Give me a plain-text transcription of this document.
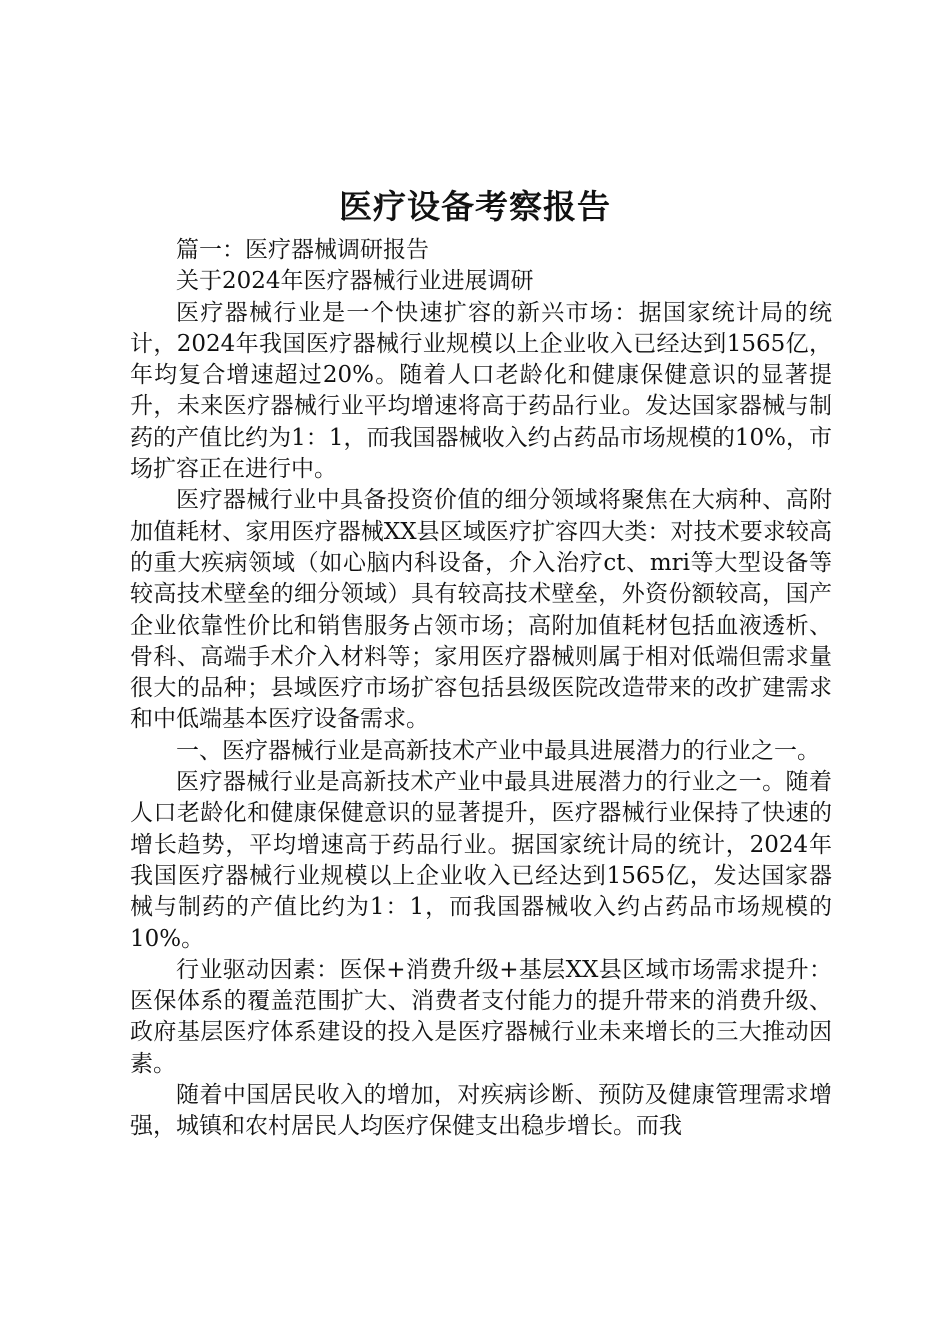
医疗设备考察报告

篇一：医疗器械调研报告

关于2024年医疗器械行业进展调研

医疗器械行业是一个快速扩容的新兴市场：据国家统计局的统计，2024年我国医疗器械行业规模以上企业收入已经达到1565亿，年均复合增速超过20%。随着人口老龄化和健康保健意识的显著提升，未来医疗器械行业平均增速将高于药品行业。发达国家器械与制药的产值比约为1：1，而我国器械收入约占药品市场规模的10%，市场扩容正在进行中。

医疗器械行业中具备投资价值的细分领域将聚焦在大病种、高附加值耗材、家用医疗器械XX县区域医疗扩容四大类：对技术要求较高的重大疾病领域（如心脑内科设备，介入治疗ct、mri等大型设备等较高技术壁垒的细分领域）具有较高技术壁垒，外资份额较高，国产企业依靠性价比和销售服务占领市场；高附加值耗材包括血液透析、骨科、高端手术介入材料等；家用医疗器械则属于相对低端但需求量很大的品种；县域医疗市场扩容包括县级医院改造带来的改扩建需求和中低端基本医疗设备需求。

一、医疗器械行业是高新技术产业中最具进展潜力的行业之一。

医疗器械行业是高新技术产业中最具进展潜力的行业之一。随着人口老龄化和健康保健意识的显著提升，医疗器械行业保持了快速的增长趋势，平均增速高于药品行业。据国家统计局的统计，2024年我国医疗器械行业规模以上企业收入已经达到1565亿，发达国家器械与制药的产值比约为1：1，而我国器械收入约占药品市场规模的10%。

行业驱动因素：医保+消费升级+基层XX县区域市场需求提升：医保体系的覆盖范围扩大、消费者支付能力的提升带来的消费升级、政府基层医疗体系建设的投入是医疗器械行业未来增长的三大推动因素。

随着中国居民收入的增加，对疾病诊断、预防及健康管理需求增强，城镇和农村居民人均医疗保健支出稳步增长。而我
